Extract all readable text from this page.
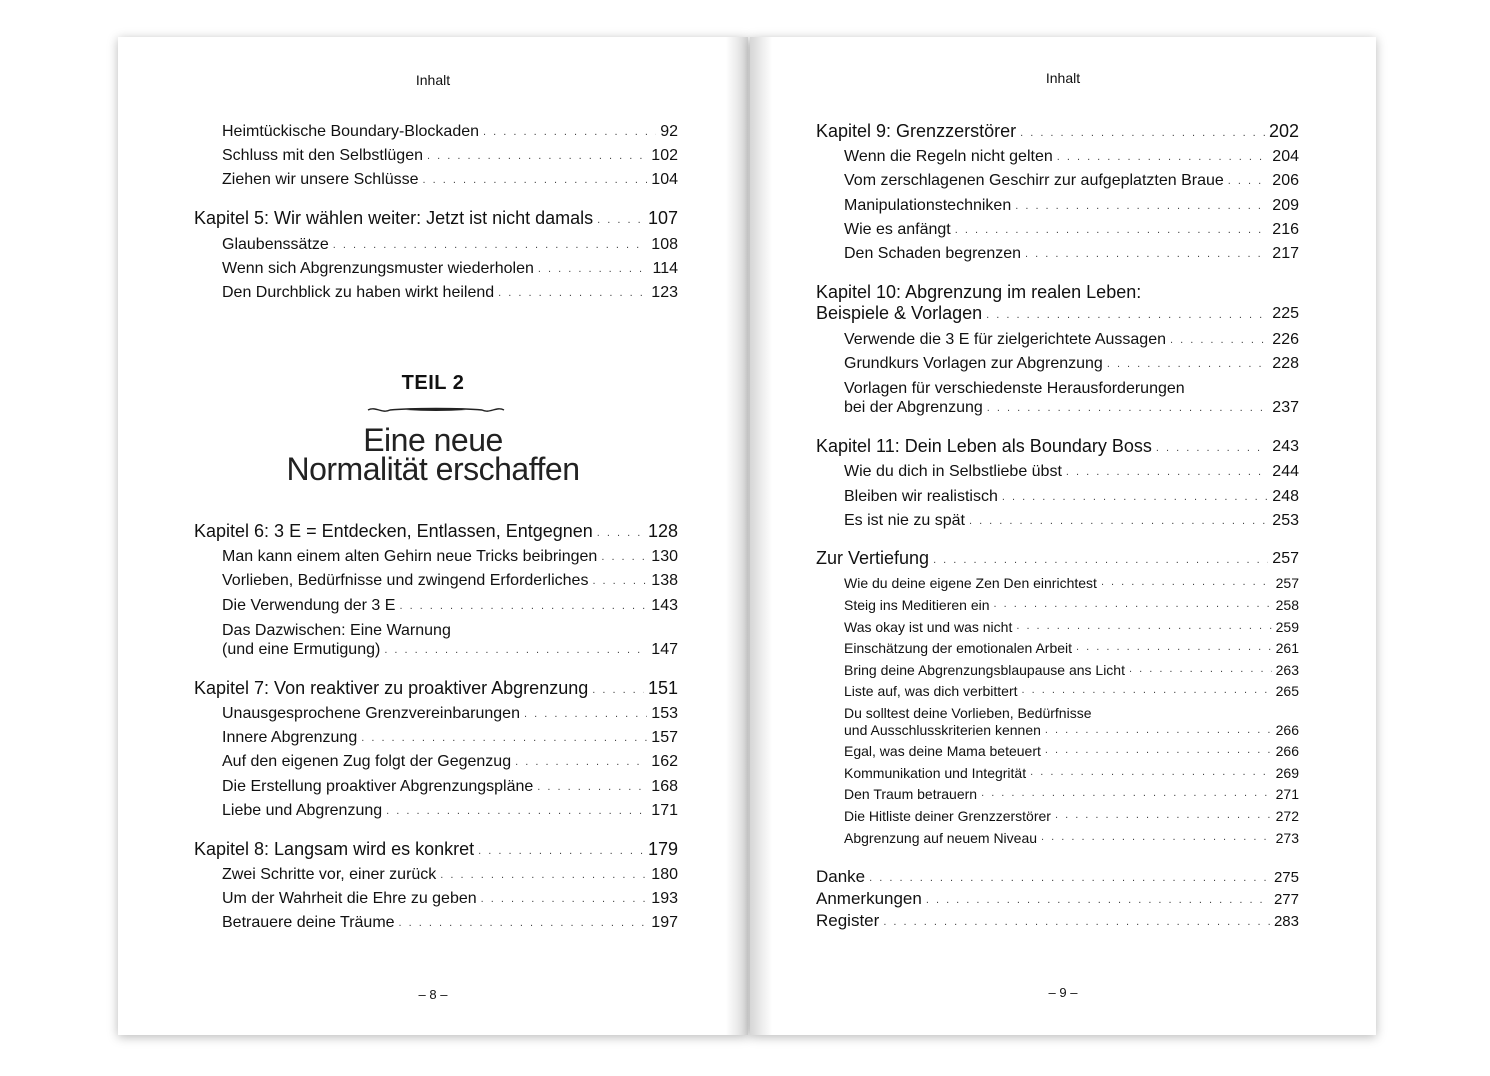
Inhalt
Heimtückische Boundary-Blockaden . . .	92
Schluss mit den Selbstlügen . . .	102
Ziehen wir unsere Schlüsse . . .	104
Kapitel 5: Wir wählen weiter: Jetzt ist nicht damals . . .	107
Glaubenssätze . . .	108
Wenn sich Abgrenzungsmuster wiederholen . . .	114
Den Durchblick zu haben wirkt heilend . . .	123
TEIL 2
Eine neue
Normalität erschaffen
Kapitel 6: 3 E = Entdecken, Entlassen, Entgegnen . . .	128
Man kann einem alten Gehirn neue Tricks beibringen . . .	130
Vorlieben, Bedürfnisse und zwingend Erforderliches . . .	138
Die Verwendung der 3 E . . .	143
Das Dazwischen: Eine Warnung
(und eine Ermutigung) . . .	147
Kapitel 7: Von reaktiver zu proaktiver Abgrenzung . . .	151
Unausgesprochene Grenzvereinbarungen . . .	153
Innere Abgrenzung . . .	157
Auf den eigenen Zug folgt der Gegenzug . . .	162
Die Erstellung proaktiver Abgrenzungspläne . . .	168
Liebe und Abgrenzung . . .	171
Kapitel 8: Langsam wird es konkret . . .	179
Zwei Schritte vor, einer zurück . . .	180
Um der Wahrheit die Ehre zu geben . . .	193
Betrauere deine Träume . . .	197
– 8 –
Inhalt
Kapitel 9: Grenzzerstörer . . .	202
Wenn die Regeln nicht gelten . . .	204
Vom zerschlagenen Geschirr zur aufgeplatzten Braue . . .	206
Manipulationstechniken . . .	209
Wie es anfängt . . .	216
Den Schaden begrenzen . . .	217
Kapitel 10: Abgrenzung im realen Leben:
Beispiele & Vorlagen . . .	225
Verwende die 3 E für zielgerichtete Aussagen . . .	226
Grundkurs Vorlagen zur Abgrenzung . . .	228
Vorlagen für verschiedenste Herausforderungen
bei der Abgrenzung . . .	237
Kapitel 11: Dein Leben als Boundary Boss . . .	243
Wie du dich in Selbstliebe übst . . .	244
Bleiben wir realistisch . . .	248
Es ist nie zu spät . . .	253
Zur Vertiefung . . .	257
Wie du deine eigene Zen Den einrichtest . . .	257
Steig ins Meditieren ein . . .	258
Was okay ist und was nicht . . .	259
Einschätzung der emotionalen Arbeit . . .	261
Bring deine Abgrenzungsblaupause ans Licht . . .	263
Liste auf, was dich verbittert . . .	265
Du solltest deine Vorlieben, Bedürfnisse
und Ausschlusskriterien kennen . . .	266
Egal, was deine Mama beteuert . . .	266
Kommunikation und Integrität . . .	269
Den Traum betrauern . . .	271
Die Hitliste deiner Grenzzerstörer . . .	272
Abgrenzung auf neuem Niveau . . .	273
Danke . . .	275
Anmerkungen . . .	277
Register . . .	283
– 9 –
